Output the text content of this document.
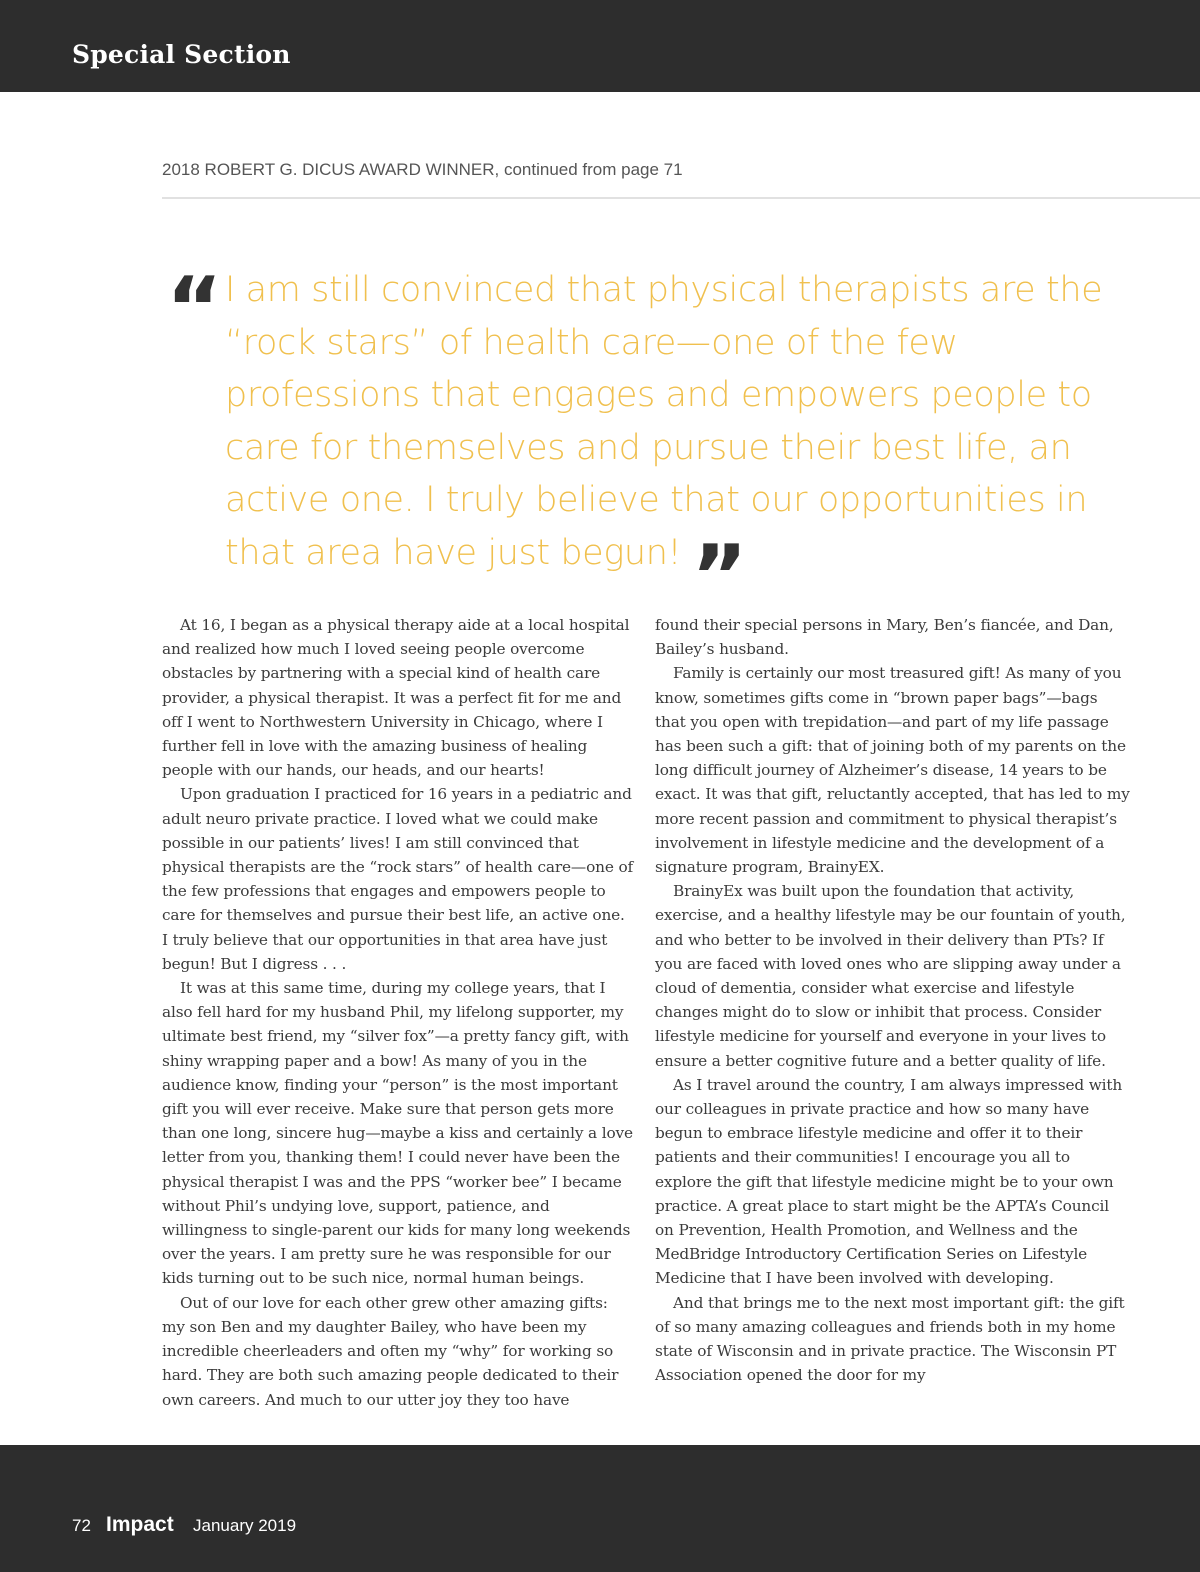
Special Section
2018 ROBERT G. DICUS AWARD WINNER, continued from page 71
“ I am still convinced that physical therapists are the “rock stars” of health care—one of the few professions that engages and empowers people to care for themselves and pursue their best life, an active one. I truly believe that our opportunities in that area have just begun! ”

At 16, I began as a physical therapy aide at a local hospital and realized how much I loved seeing people overcome obstacles by partnering with a special kind of health care provider, a physical therapist. It was a perfect fit for me and off I went to Northwestern University in Chicago, where I further fell in love with the amazing business of healing people with our hands, our heads, and our hearts!

Upon graduation I practiced for 16 years in a pediatric and adult neuro private practice. I loved what we could make possible in our patients’ lives! I am still convinced that physical therapists are the “rock stars” of health care—one of the few professions that engages and empowers people to care for themselves and pursue their best life, an active one. I truly believe that our opportunities in that area have just begun! But I digress . . .

It was at this same time, during my college years, that I also fell hard for my husband Phil, my lifelong supporter, my ultimate best friend, my “silver fox”—a pretty fancy gift, with shiny wrapping paper and a bow! As many of you in the audience know, finding your “person” is the most important gift you will ever receive. Make sure that person gets more than one long, sincere hug—maybe a kiss and certainly a love letter from you, thanking them! I could never have been the physical therapist I was and the PPS “worker bee” I became without Phil’s undying love, support, patience, and willingness to single-parent our kids for many long weekends over the years. I am pretty sure he was responsible for our kids turning out to be such nice, normal human beings.

Out of our love for each other grew other amazing gifts: my son Ben and my daughter Bailey, who have been my incredible cheerleaders and often my “why” for working so hard. They are both such amazing people dedicated to their own careers. And much to our utter joy they too have

found their special persons in Mary, Ben’s fiancée, and Dan, Bailey’s husband.

Family is certainly our most treasured gift! As many of you know, sometimes gifts come in “brown paper bags”—bags that you open with trepidation—and part of my life passage has been such a gift: that of joining both of my parents on the long difficult journey of Alzheimer’s disease, 14 years to be exact. It was that gift, reluctantly accepted, that has led to my more recent passion and commitment to physical therapist’s involvement in lifestyle medicine and the development of a signature program, BrainyEX.

BrainyEx was built upon the foundation that activity, exercise, and a healthy lifestyle may be our fountain of youth, and who better to be involved in their delivery than PTs? If you are faced with loved ones who are slipping away under a cloud of dementia, consider what exercise and lifestyle changes might do to slow or inhibit that process. Consider lifestyle medicine for yourself and everyone in your lives to ensure a better cognitive future and a better quality of life.

As I travel around the country, I am always impressed with our colleagues in private practice and how so many have begun to embrace lifestyle medicine and offer it to their patients and their communities! I encourage you all to explore the gift that lifestyle medicine might be to your own practice. A great place to start might be the APTA’s Council on Prevention, Health Promotion, and Wellness and the MedBridge Introductory Certification Series on Lifestyle Medicine that I have been involved with developing.

And that brings me to the next most important gift: the gift of so many amazing colleagues and friends both in my home state of Wisconsin and in private practice. The Wisconsin PT Association opened the door for my

72 Impact January 2019
